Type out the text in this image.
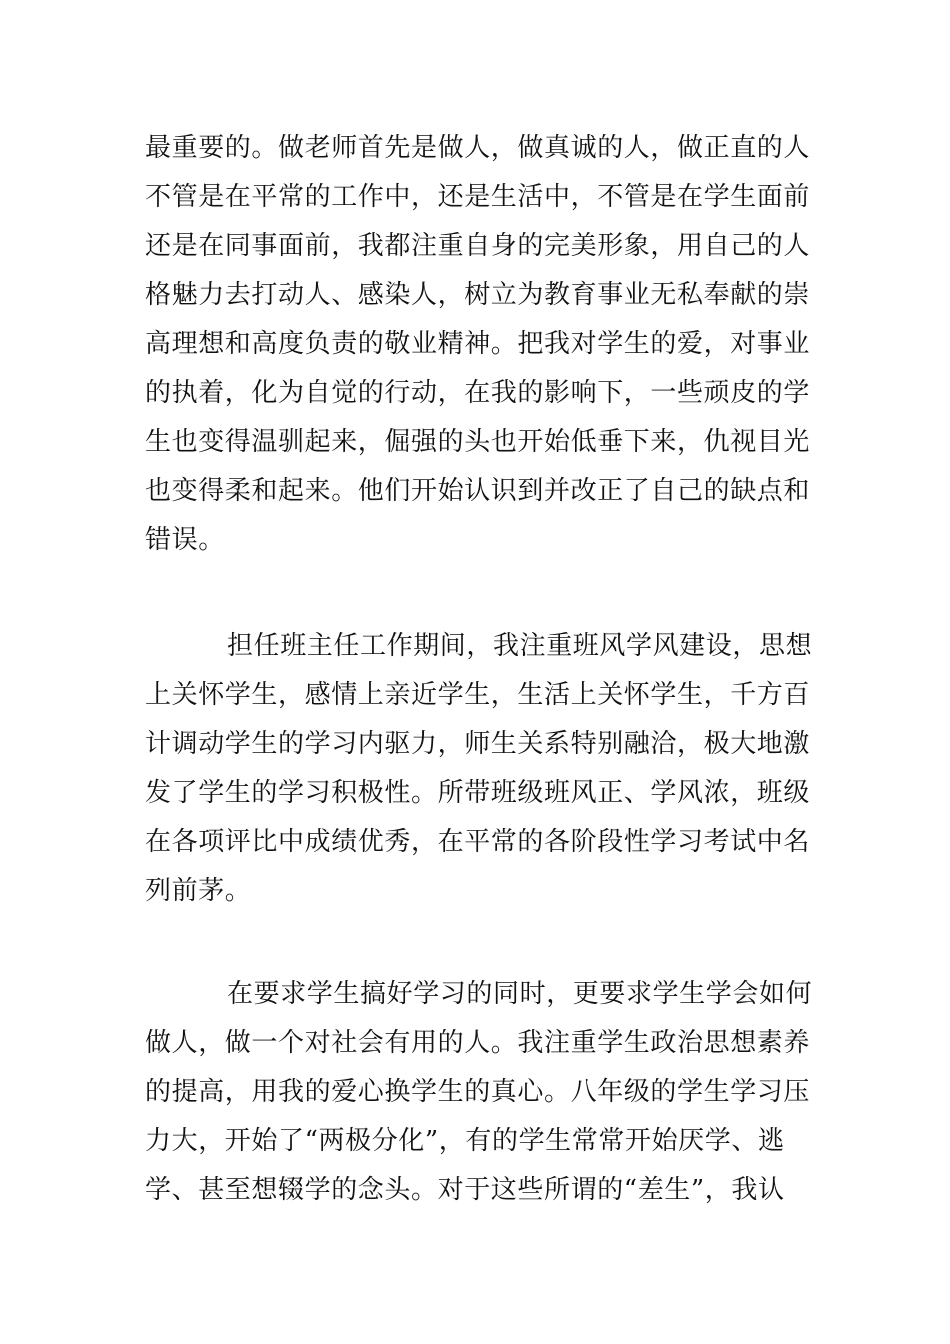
最重要的。做老师首先是做人，做真诚的人，做正直的人
不管是在平常的工作中，还是生活中，不管是在学生面前
还是在同事面前，我都注重自身的完美形象，用自己的人
格魅力去打动人、感染人，树立为教育事业无私奉献的崇
高理想和高度负责的敬业精神。把我对学生的爱，对事业
的执着，化为自觉的行动，在我的影响下，一些顽皮的学
生也变得温驯起来，倔强的头也开始低垂下来，仇视目光
也变得柔和起来。他们开始认识到并改正了自己的缺点和
错误。
担任班主任工作期间，我注重班风学风建设，思想
上关怀学生，感情上亲近学生，生活上关怀学生，千方百
计调动学生的学习内驱力，师生关系特别融洽，极大地激
发了学生的学习积极性。所带班级班风正、学风浓，班级
在各项评比中成绩优秀，在平常的各阶段性学习考试中名
列前茅。
在要求学生搞好学习的同时，更要求学生学会如何
做人，做一个对社会有用的人。我注重学生政治思想素养
的提高，用我的爱心换学生的真心。八年级的学生学习压
力大，开始了“两极分化”，有的学生常常开始厌学、逃
学、甚至想辍学的念头。对于这些所谓的“差生”，我认
